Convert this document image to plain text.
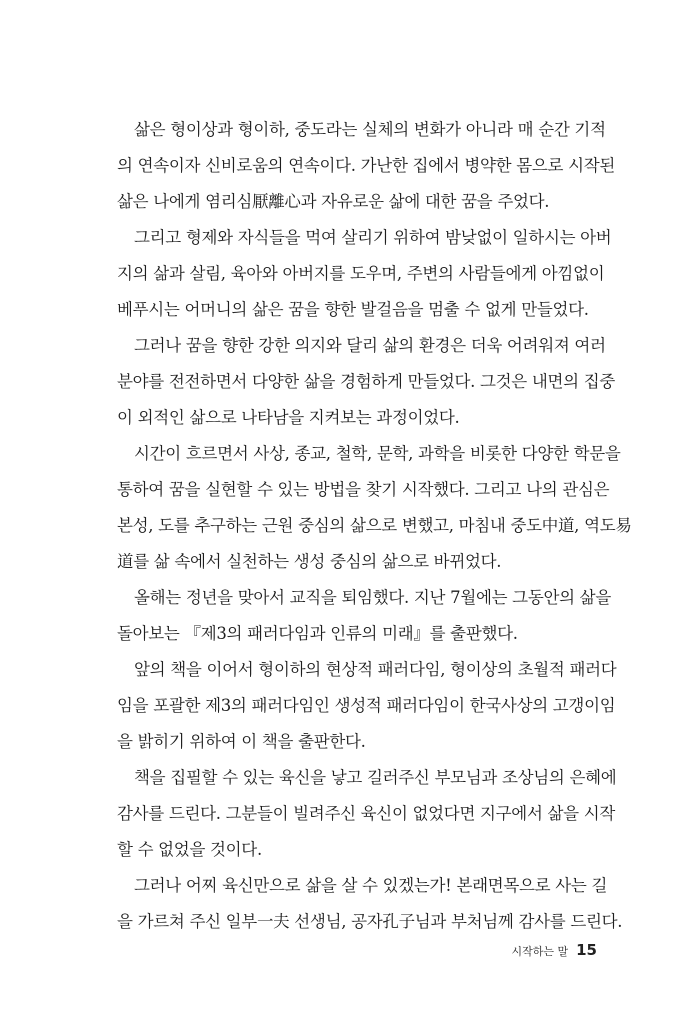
삶은 형이상과 형이하, 중도라는 실체의 변화가 아니라 매 순간 기적
의 연속이자 신비로움의 연속이다. 가난한 집에서 병약한 몸으로 시작된
삶은 나에게 염리심厭離心과 자유로운 삶에 대한 꿈을 주었다.
그리고 형제와 자식들을 먹여 살리기 위하여 밤낮없이 일하시는 아버
지의 삶과 살림, 육아와 아버지를 도우며, 주변의 사람들에게 아낌없이
베푸시는 어머니의 삶은 꿈을 향한 발걸음을 멈출 수 없게 만들었다.
그러나 꿈을 향한 강한 의지와 달리 삶의 환경은 더욱 어려워져 여러
분야를 전전하면서 다양한 삶을 경험하게 만들었다. 그것은 내면의 집중
이 외적인 삶으로 나타남을 지켜보는 과정이었다.
시간이 흐르면서 사상, 종교, 철학, 문학, 과학을 비롯한 다양한 학문을
통하여 꿈을 실현할 수 있는 방법을 찾기 시작했다. 그리고 나의 관심은
본성, 도를 추구하는 근원 중심의 삶으로 변했고, 마침내 중도中道, 역도易
道를 삶 속에서 실천하는 생성 중심의 삶으로 바뀌었다.
올해는 정년을 맞아서 교직을 퇴임했다. 지난 7월에는 그동안의 삶을
돌아보는 『제3의 패러다임과 인류의 미래』를 출판했다.
앞의 책을 이어서 형이하의 현상적 패러다임, 형이상의 초월적 패러다
임을 포괄한 제3의 패러다임인 생성적 패러다임이 한국사상의 고갱이임
을 밝히기 위하여 이 책을 출판한다.
책을 집필할 수 있는 육신을 낳고 길러주신 부모님과 조상님의 은혜에
감사를 드린다. 그분들이 빌려주신 육신이 없었다면 지구에서 삶을 시작
할 수 없었을 것이다.
그러나 어찌 육신만으로 삶을 살 수 있겠는가! 본래면목으로 사는 길
을 가르쳐 주신 일부一夫 선생님, 공자孔子님과 부처님께 감사를 드린다.
시작하는 말 15
